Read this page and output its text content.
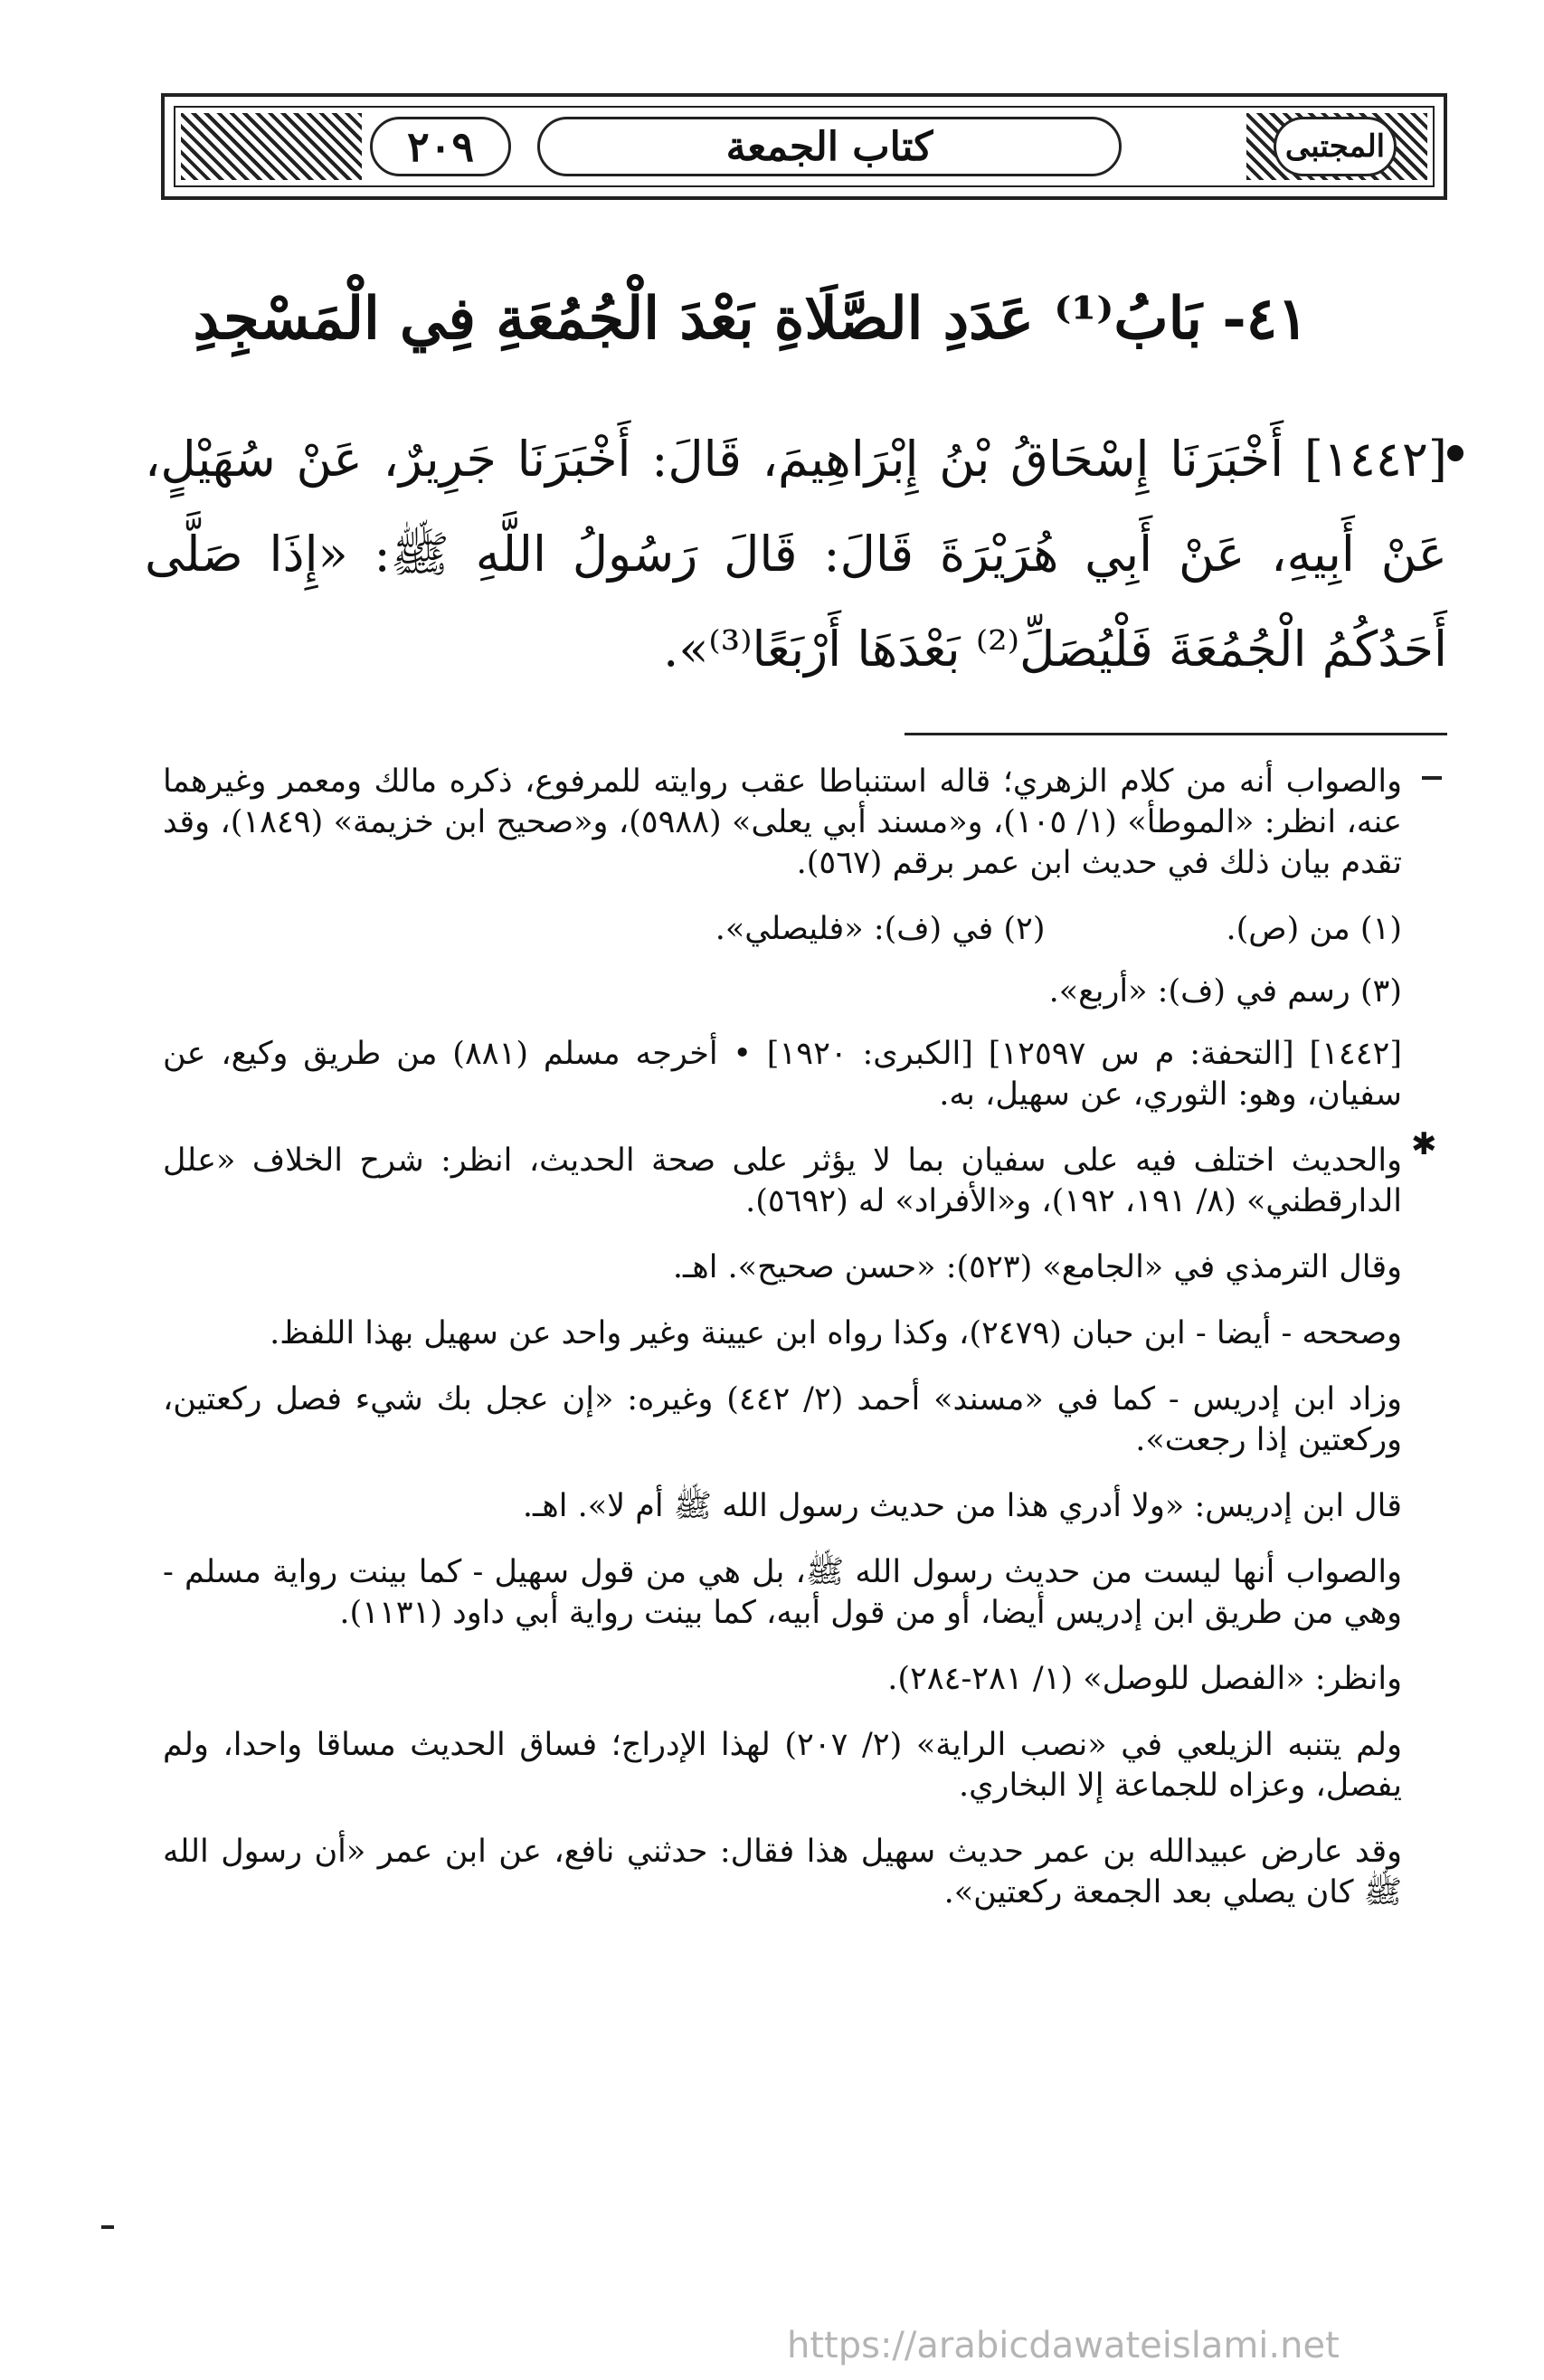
٢٠٩	كتاب الجمعة	المجتبى
٤١- بَابُ⁽¹⁾ عَدَدِ الصَّلَاةِ بَعْدَ الْجُمُعَةِ فِي الْمَسْجِدِ
[١٤٤٢] أَخْبَرَنَا إِسْحَاقُ بْنُ إِبْرَاهِيمَ، قَالَ: أَخْبَرَنَا جَرِيرٌ، عَنْ سُهَيْلٍ، عَنْ أَبِيهِ، عَنْ أَبِي هُرَيْرَةَ قَالَ: قَالَ رَسُولُ اللَّهِ ﷺ: «إِذَا صَلَّى أَحَدُكُمُ الْجُمُعَةَ فَلْيُصَلِّ⁽²⁾ بَعْدَهَا أَرْبَعًا⁽³⁾».
✱

والصواب أنه من كلام الزهري؛ قاله استنباطا عقب روايته للمرفوع، ذكره مالك ومعمر وغيرهما عنه، انظر: «الموطأ» (١/ ١٠٥)، و«مسند أبي يعلى» (٥٩٨٨)، و«صحيح ابن خزيمة» (١٨٤٩)، وقد تقدم بيان ذلك في حديث ابن عمر برقم (٥٦٧).

(١) من (ص).
(٢) في (ف): «فليصلي».

(٣) رسم في (ف): «أربع».

[١٤٤٢] [التحفة: م س ١٢٥٩٧] [الكبرى: ١٩٢٠] • أخرجه مسلم (٨٨١) من طريق وكيع، عن سفيان، وهو: الثوري، عن سهيل، به.

والحديث اختلف فيه على سفيان بما لا يؤثر على صحة الحديث، انظر: شرح الخلاف «علل الدارقطني» (٨/ ١٩١، ١٩٢)، و«الأفراد» له (٥٦٩٢).

وقال الترمذي في «الجامع» (٥٢٣): «حسن صحيح». اهـ.

وصححه - أيضا - ابن حبان (٢٤٧٩)، وكذا رواه ابن عيينة وغير واحد عن سهيل بهذا اللفظ.

وزاد ابن إدريس - كما في «مسند» أحمد (٢/ ٤٤٢) وغيره: «إن عجل بك شيء فصل ركعتين، وركعتين إذا رجعت».

قال ابن إدريس: «ولا أدري هذا من حديث رسول الله ﷺ أم لا». اهـ.

والصواب أنها ليست من حديث رسول الله ﷺ، بل هي من قول سهيل - كما بينت رواية مسلم - وهي من طريق ابن إدريس أيضا، أو من قول أبيه، كما بينت رواية أبي داود (١١٣١).

وانظر: «الفصل للوصل» (١/ ٢٨١-٢٨٤).

ولم يتنبه الزيلعي في «نصب الراية» (٢/ ٢٠٧) لهذا الإدراج؛ فساق الحديث مساقا واحدا، ولم يفصل، وعزاه للجماعة إلا البخاري.

وقد عارض عبيدالله بن عمر حديث سهيل هذا فقال: حدثني نافع، عن ابن عمر «أن رسول الله ﷺ كان يصلي بعد الجمعة ركعتين».

https://arabicdawateislami.net
